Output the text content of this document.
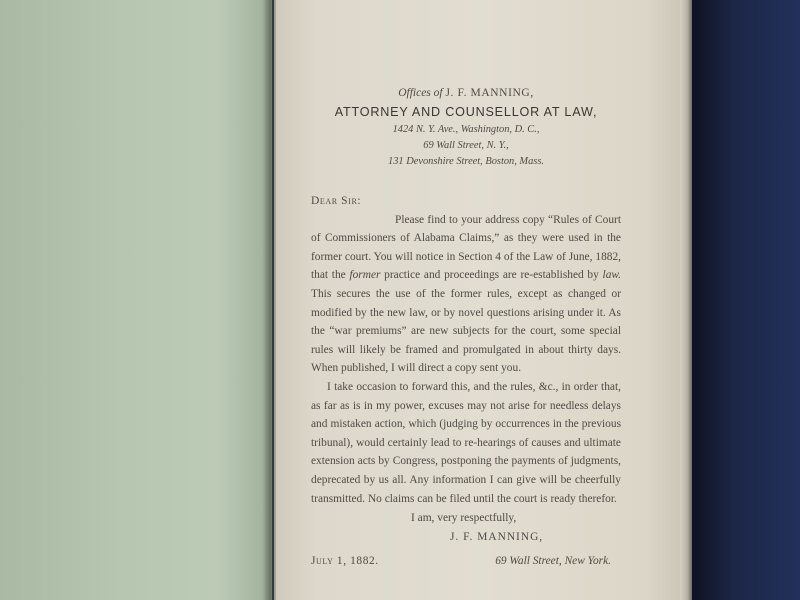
Offices of J. F. MANNING,
ATTORNEY AND COUNSELLOR AT LAW,
1424 N. Y. Ave., Washington, D. C.,
69 Wall Street, N. Y.,
131 Devonshire Street, Boston, Mass.
Dear Sir:

Please find to your address copy “Rules of Court of Commissioners of Alabama Claims,” as they were used in the former court. You will notice in Section 4 of the Law of June, 1882, that the former practice and proceedings are re-established by law. This secures the use of the former rules, except as changed or modified by the new law, or by novel questions arising under it. As the “war premiums” are new subjects for the court, some special rules will likely be framed and promulgated in about thirty days. When published, I will direct a copy sent you.

I take occasion to forward this, and the rules, &c., in order that, as far as is in my power, excuses may not arise for needless delays and mistaken action, which (judging by occurrences in the previous tribunal), would certainly lead to re-hearings of causes and ultimate extension acts by Congress, postponing the payments of judgments, deprecated by us all. Any information I can give will be cheerfully transmitted. No claims can be filed until the court is ready therefor.

I am, very respectfully,
J. F. MANNING,
July 1, 1882.	69 Wall Street, New York.
